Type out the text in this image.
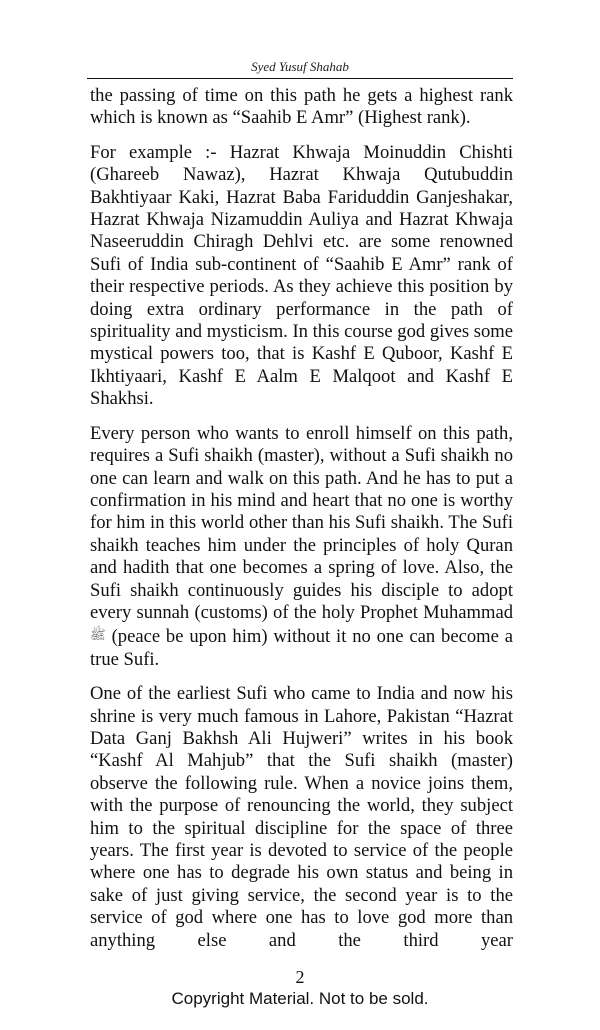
Syed Yusuf Shahab

the passing of time on this path he gets a highest rank which is known as “Saahib E Amr” (Highest rank).

For example :- Hazrat Khwaja Moinuddin Chishti (Ghareeb Nawaz), Hazrat Khwaja Qutubuddin Bakhtiyaar Kaki, Hazrat Baba Fariduddin Ganjeshakar, Hazrat Khwaja Nizamuddin Auliya and Hazrat Khwaja Naseeruddin Chiragh Dehlvi etc. are some renowned Sufi of India sub-continent of “Saahib E Amr” rank of their respective periods. As they achieve this position by doing extra ordinary performance in the path of spirituality and mysticism. In this course god gives some mystical powers too, that is Kashf E Quboor, Kashf E Ikhtiyaari, Kashf E Aalm E Malqoot and Kashf E Shakhsi.

Every person who wants to enroll himself on this path, requires a Sufi shaikh (master), without a Sufi shaikh no one can learn and walk on this path. And he has to put a confirmation in his mind and heart that no one is worthy for him in this world other than his Sufi shaikh. The Sufi shaikh teaches him under the principles of holy Quran and hadith that one becomes a spring of love. Also, the Sufi shaikh continuously guides his disciple to adopt every sunnah (customs) of the holy Prophet Muhammad ﷺ (peace be upon him) without it no one can become a true Sufi.

One of the earliest Sufi who came to India and now his shrine is very much famous in Lahore, Pakistan “Hazrat Data Ganj Bakhsh Ali Hujweri” writes in his book “Kashf Al Mahjub” that the Sufi shaikh (master) observe the following rule. When a novice joins them, with the purpose of renouncing the world, they subject him to the spiritual discipline for the space of three years. The first year is devoted to service of the people where one has to degrade his own status and being in sake of just giving service, the second year is to the service of god where one has to love god more than anything else and the third year

2
Copyright Material. Not to be sold.
